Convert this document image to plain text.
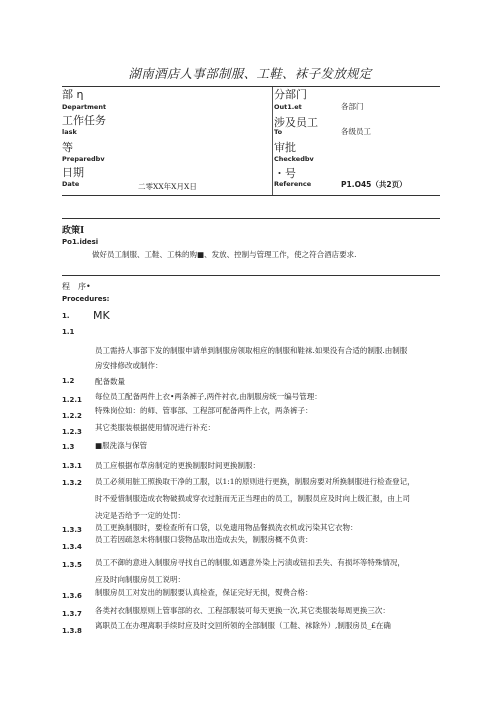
湖南酒店人事部制服、工鞋、袜子发放规定
部 η
Department
工作任务
lask
等
Preparedbv
日期
Date	二零XX年X月X日
分部门
Out1.et	各部门
涉及员工
To	各级员工
审批
Checkedbv
・号
Reference	P1.O45（共2页）
政策I
Po1.idesi
做好员工制服、工鞋、工株的购■、发放、控制与管理工作，使之符合酒店要求.
程　序•
Procedures:
1. MK
1.1
员工需持人事部下发的制服申请单到制服房领取相应的制服和鞋袜.如果没有合适的制服.由制服
房安排修改或制作：
1.2	配备数量
1.2.1 每位员工配备两件上衣•两条裤子,两件衬衣,由制服房统一编号管理：
1.2.2
特殊岗位如：的师、管事部、工程部可配备两件上衣，两条裤子：
1.2.3 其它类服装根据使用情况进行补充：
1.3	■服洗涤与保管
1.3.1 员工应根据布草房制定的更换制服时间更换制服：
1.3.2 员工必须用脏工照换取干净的工服，以1:1的原则进行更换，制服房要对所换制服进行检查登记，
时不爱惜制服造成衣物破损或穿衣过脏而无正当理由的员工，制服员应及时向上级汇报，由上司
决定是否给予一定的处罚：
1.3.3 员工更换制服时，要检查所有口袋，以免遗用物品餐损洗衣机或污染其它衣物：
1.3.4
员工若因疏忽未将制服口袋物品取出造成去失，制服房概不负责：
1.3.5 员工不御的意进入制服房寻找自己的制服,如遇意外染上污渍或钮扣丢失、有损坏等特殊情况，
应及时向制服房员工说明：
1.3.6 制服房员工对发出的制服要认真检查，保证完好无损，熨费合格：
1.3.7 各类衬衣制服原则上管事部的衣、工程部服装可每天更换一次,其它类服装每周更换三次：
1.3.8
离职员工在办理离职手续时应及时交回所领的全部制服（工鞋、袜除外）,制服房员_£在确
